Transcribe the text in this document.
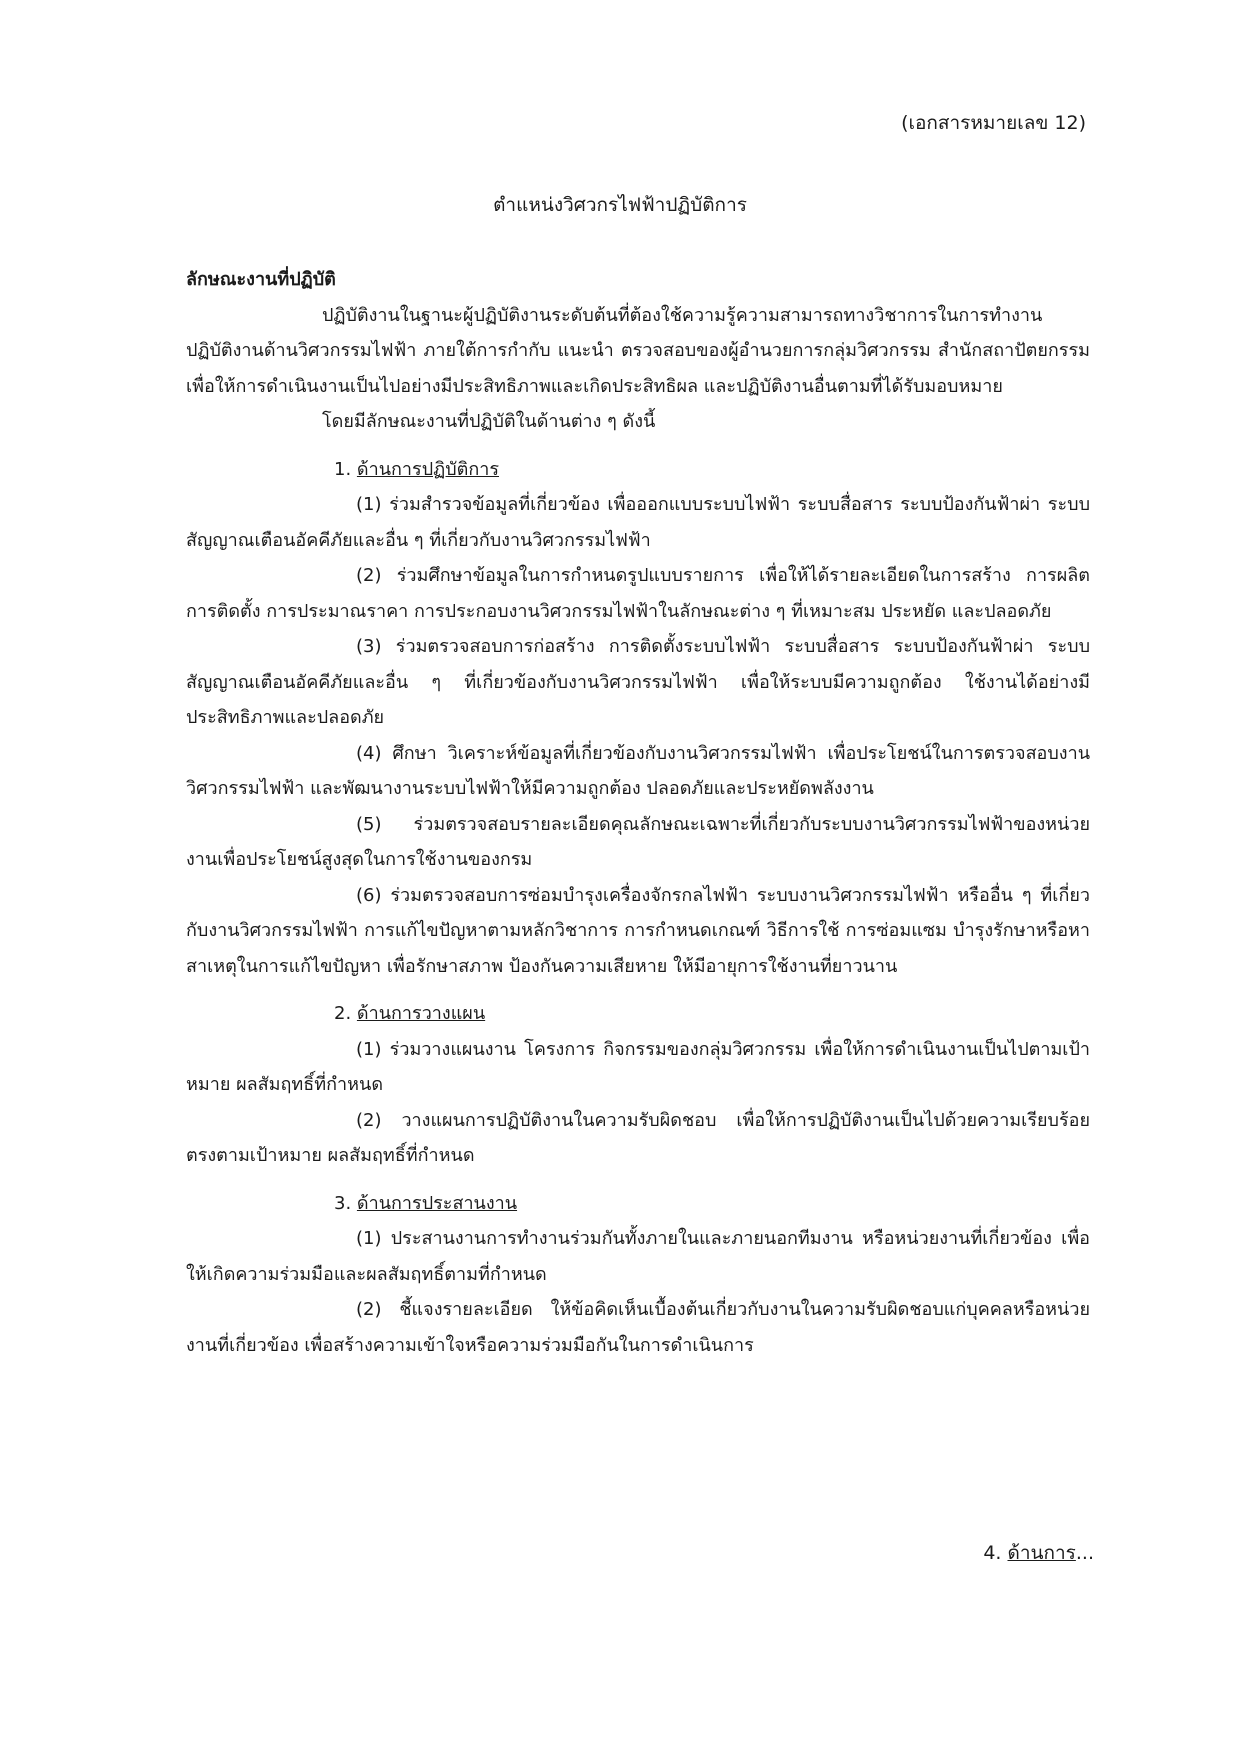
(เอกสารหมายเลข 12)

ตำแหน่งวิศวกรไฟฟ้าปฏิบัติการ

ลักษณะงานที่ปฏิบัติ

ปฏิบัติงานในฐานะผู้ปฏิบัติงานระดับต้นที่ต้องใช้ความรู้ความสามารถทางวิชาการในการทำงาน ปฏิบัติงานด้านวิศวกรรมไฟฟ้า ภายใต้การกำกับ แนะนำ ตรวจสอบของผู้อำนวยการกลุ่มวิศวกรรม สำนักสถาปัตยกรรม เพื่อให้การดำเนินงานเป็นไปอย่างมีประสิทธิภาพและเกิดประสิทธิผล และปฏิบัติงานอื่นตามที่ได้รับมอบหมาย

โดยมีลักษณะงานที่ปฏิบัติในด้านต่าง ๆ ดังนี้

1. ด้านการปฏิบัติการ

(1) ร่วมสำรวจข้อมูลที่เกี่ยวข้อง เพื่อออกแบบระบบไฟฟ้า ระบบสื่อสาร ระบบป้องกันฟ้าผ่า ระบบสัญญาณเตือนอัคคีภัยและอื่น ๆ ที่เกี่ยวกับงานวิศวกรรมไฟฟ้า

(2) ร่วมศึกษาข้อมูลในการกำหนดรูปแบบรายการ เพื่อให้ได้รายละเอียดในการสร้าง การผลิต การติดตั้ง การประมาณราคา การประกอบงานวิศวกรรมไฟฟ้าในลักษณะต่าง ๆ ที่เหมาะสม ประหยัด และปลอดภัย

(3) ร่วมตรวจสอบการก่อสร้าง การติดตั้งระบบไฟฟ้า ระบบสื่อสาร ระบบป้องกันฟ้าผ่า ระบบสัญญาณเตือนอัคคีภัยและอื่น ๆ ที่เกี่ยวข้องกับงานวิศวกรรมไฟฟ้า เพื่อให้ระบบมีความถูกต้อง ใช้งานได้อย่างมีประสิทธิภาพและปลอดภัย

(4) ศึกษา วิเคราะห์ข้อมูลที่เกี่ยวข้องกับงานวิศวกรรมไฟฟ้า เพื่อประโยชน์ในการตรวจสอบงานวิศวกรรมไฟฟ้า และพัฒนางานระบบไฟฟ้าให้มีความถูกต้อง ปลอดภัยและประหยัดพลังงาน

(5) ร่วมตรวจสอบรายละเอียดคุณลักษณะเฉพาะที่เกี่ยวกับระบบงานวิศวกรรมไฟฟ้าของหน่วยงานเพื่อประโยชน์สูงสุดในการใช้งานของกรม

(6) ร่วมตรวจสอบการซ่อมบำรุงเครื่องจักรกลไฟฟ้า ระบบงานวิศวกรรมไฟฟ้า หรืออื่น ๆ ที่เกี่ยวกับงานวิศวกรรมไฟฟ้า การแก้ไขปัญหาตามหลักวิชาการ การกำหนดเกณฑ์ วิธีการใช้ การซ่อมแซม บำรุงรักษาหรือหาสาเหตุในการแก้ไขปัญหา เพื่อรักษาสภาพ ป้องกันความเสียหาย ให้มีอายุการใช้งานที่ยาวนาน

2. ด้านการวางแผน

(1) ร่วมวางแผนงาน โครงการ กิจกรรมของกลุ่มวิศวกรรม เพื่อให้การดำเนินงานเป็นไปตามเป้าหมาย ผลสัมฤทธิ์ที่กำหนด

(2) วางแผนการปฏิบัติงานในความรับผิดชอบ เพื่อให้การปฏิบัติงานเป็นไปด้วยความเรียบร้อยตรงตามเป้าหมาย ผลสัมฤทธิ์ที่กำหนด

3. ด้านการประสานงาน

(1) ประสานงานการทำงานร่วมกันทั้งภายในและภายนอกทีมงาน หรือหน่วยงานที่เกี่ยวข้อง เพื่อให้เกิดความร่วมมือและผลสัมฤทธิ์ตามที่กำหนด

(2) ชี้แจงรายละเอียด ให้ข้อคิดเห็นเบื้องต้นเกี่ยวกับงานในความรับผิดชอบแก่บุคคลหรือหน่วยงานที่เกี่ยวข้อง เพื่อสร้างความเข้าใจหรือความร่วมมือกันในการดำเนินการ

4. ด้านการ...
